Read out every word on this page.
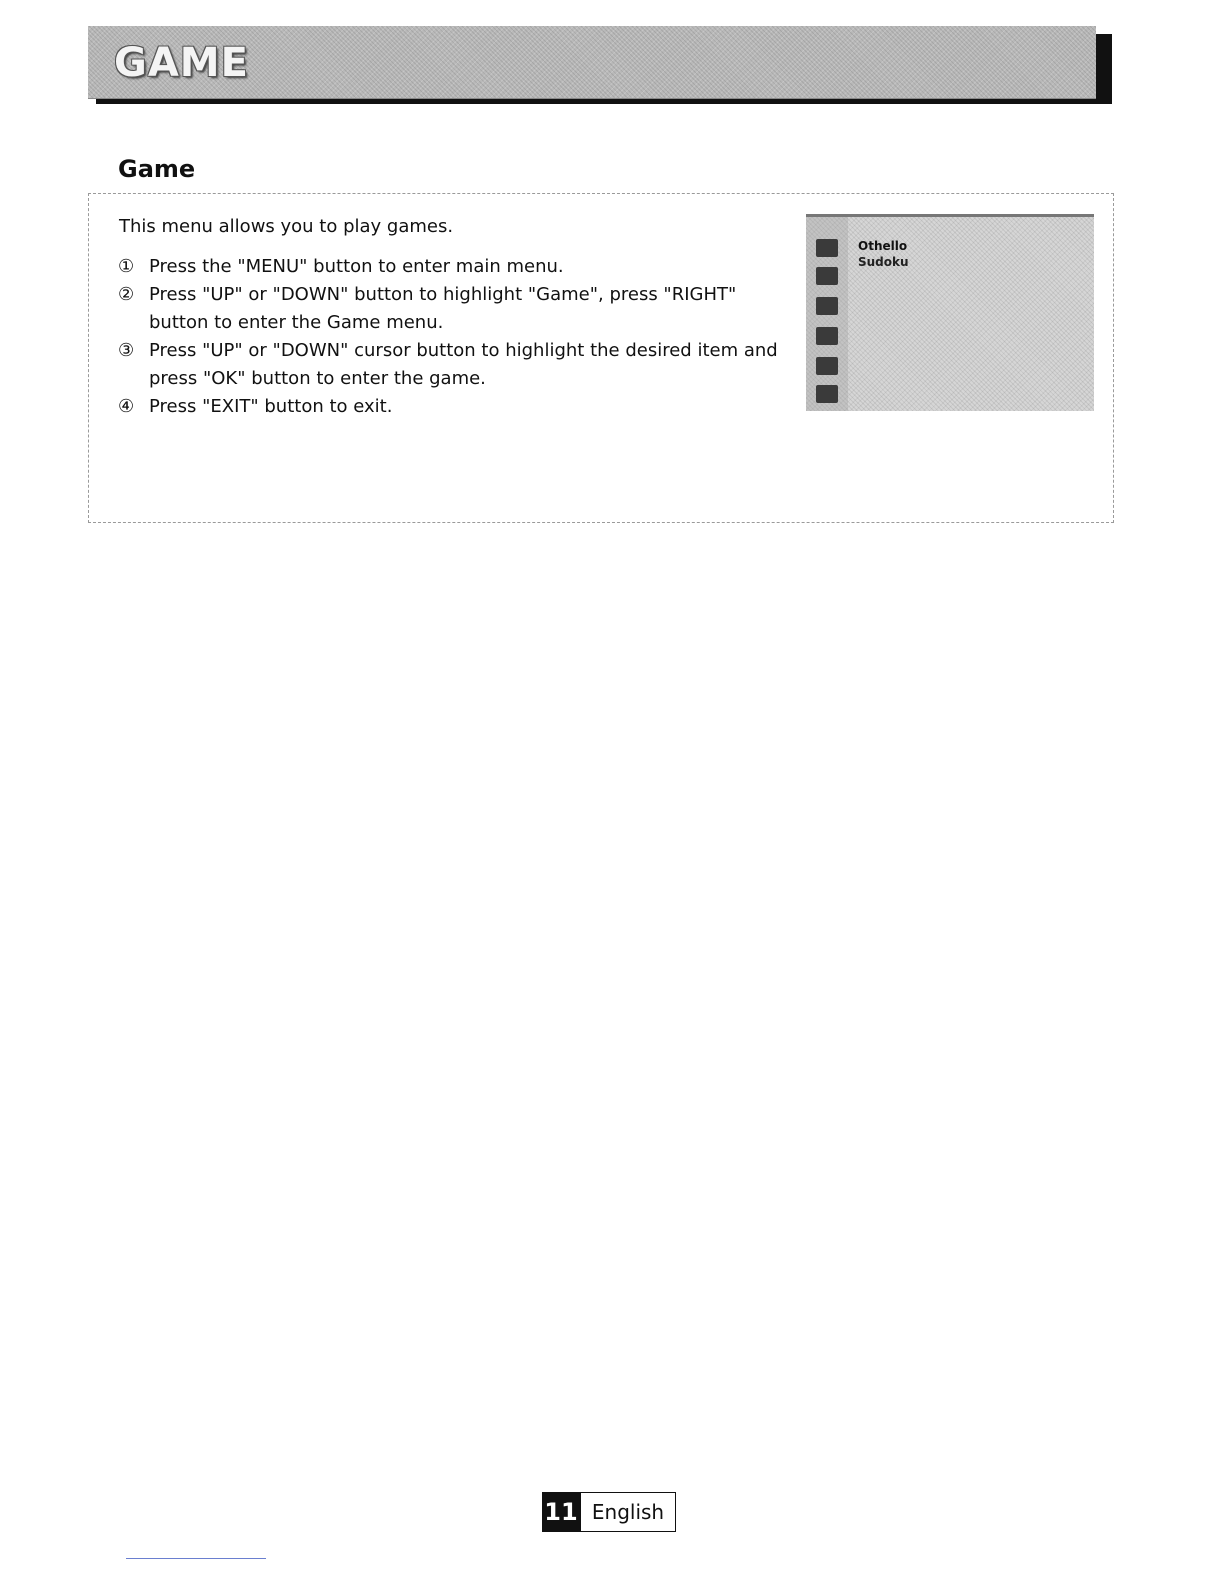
GAME
Game

This menu allows you to play games.

① Press the "MENU" button to enter main menu.
② Press "UP" or "DOWN" button to highlight "Game", press "RIGHT" button to enter the Game menu.
③ Press "UP" or "DOWN" cursor button to highlight the desired item and press "OK" button to enter the game.
④ Press "EXIT" button to exit.

Othello

Sudoku

11 English
